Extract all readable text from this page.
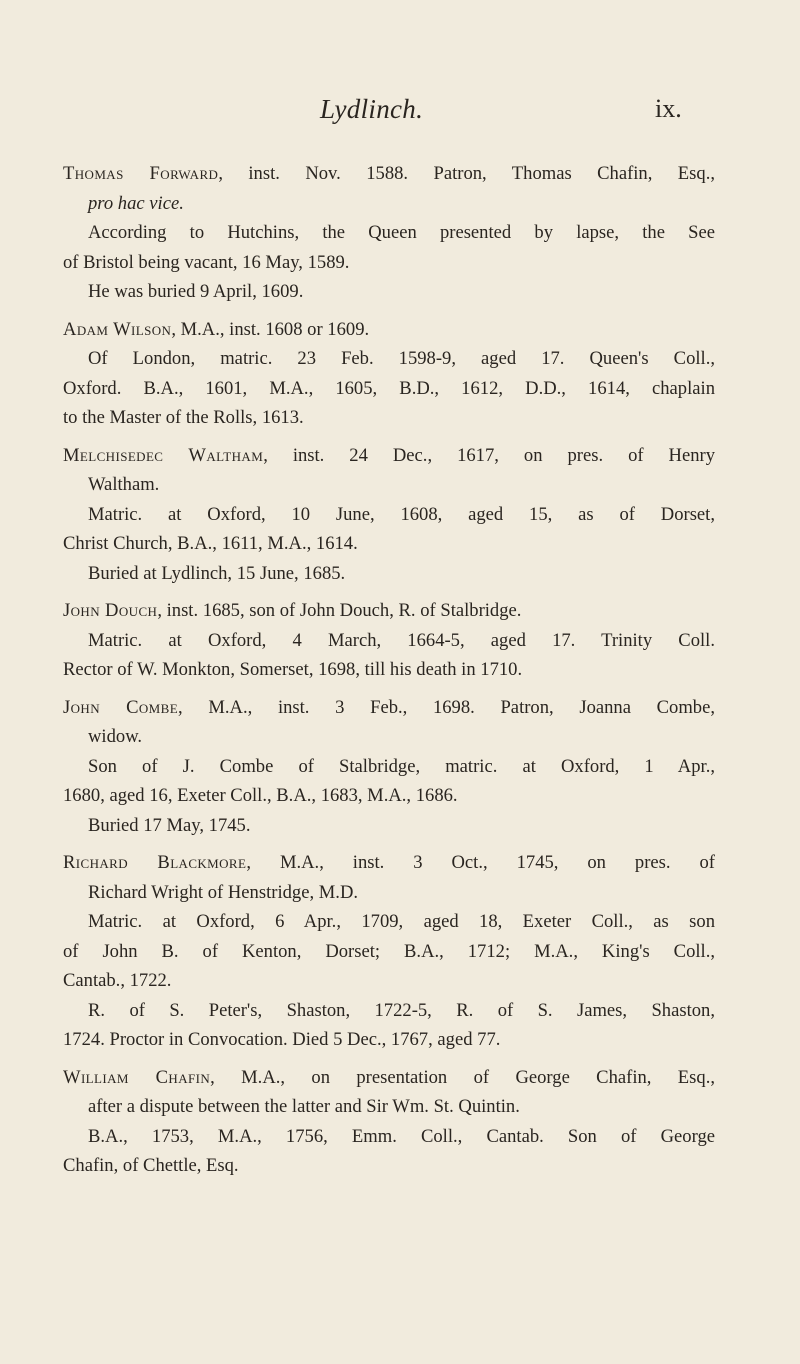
Lydlinch.	ix.
Thomas Forward, inst. Nov. 1588. Patron, Thomas Chafin, Esq.,
pro hac vice.
According to Hutchins, the Queen presented by lapse, the See
of Bristol being vacant, 16 May, 1589.
He was buried 9 April, 1609.
Adam Wilson, M.A., inst. 1608 or 1609.
Of London, matric. 23 Feb. 1598-9, aged 17. Queen's Coll.,
Oxford. B.A., 1601, M.A., 1605, B.D., 1612, D.D., 1614, chaplain
to the Master of the Rolls, 1613.
Melchisedec Waltham, inst. 24 Dec., 1617, on pres. of Henry
Waltham.
Matric. at Oxford, 10 June, 1608, aged 15, as of Dorset,
Christ Church, B.A., 1611, M.A., 1614.
Buried at Lydlinch, 15 June, 1685.
John Douch, inst. 1685, son of John Douch, R. of Stalbridge.
Matric. at Oxford, 4 March, 1664-5, aged 17. Trinity Coll.
Rector of W. Monkton, Somerset, 1698, till his death in 1710.
John Combe, M.A., inst. 3 Feb., 1698. Patron, Joanna Combe,
widow.
Son of J. Combe of Stalbridge, matric. at Oxford, 1 Apr.,
1680, aged 16, Exeter Coll., B.A., 1683, M.A., 1686.
Buried 17 May, 1745.
Richard Blackmore, M.A., inst. 3 Oct., 1745, on pres. of
Richard Wright of Henstridge, M.D.
Matric. at Oxford, 6 Apr., 1709, aged 18, Exeter Coll., as son
of John B. of Kenton, Dorset; B.A., 1712; M.A., King's Coll.,
Cantab., 1722.
R. of S. Peter's, Shaston, 1722-5, R. of S. James, Shaston,
1724. Proctor in Convocation. Died 5 Dec., 1767, aged 77.
William Chafin, M.A., on presentation of George Chafin, Esq.,
after a dispute between the latter and Sir Wm. St. Quintin.
B.A., 1753, M.A., 1756, Emm. Coll., Cantab. Son of George
Chafin, of Chettle, Esq.
